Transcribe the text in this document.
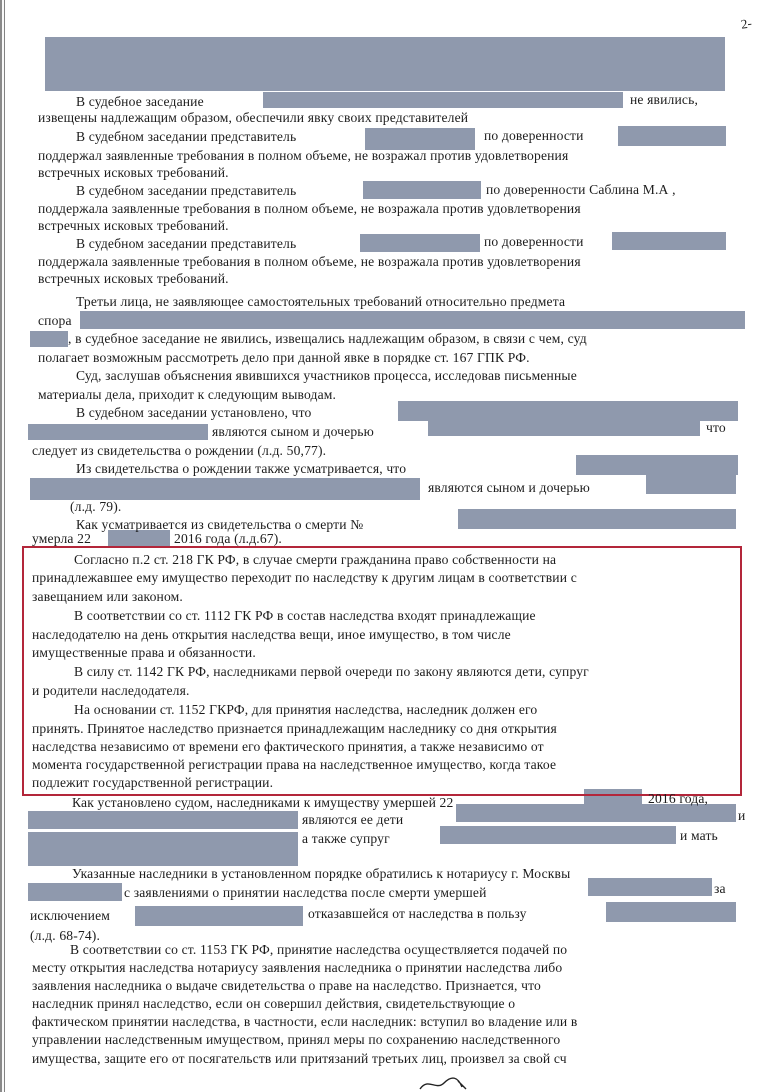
2-
В судебное заседание	не явились,
извещены надлежащим образом, обеспечили явку своих представителей
В судебном заседании представитель	по доверенности
поддержал заявленные требования в полном объеме, не возражал против удовлетворения
встречных исковых требований.
В судебном заседании представитель	по доверенности Саблина М.А ,
поддержала заявленные требования в полном объеме, не возражала против удовлетворения
встречных исковых требований.
В судебном заседании представитель	по доверенности
поддержала заявленные требования в полном объеме, не возражала против удовлетворения
встречных исковых требований.
Третьи лица, не заявляющее самостоятельных требований относительно предмета
спора
, в судебное заседание не явились, извещались надлежащим образом, в связи с чем, суд
полагает возможным рассмотреть дело при данной явке в порядке ст. 167 ГПК РФ.
Суд, заслушав объяснения явившихся участников процесса, исследовав письменные
материалы дела, приходит к следующим выводам.
В судебном заседании установлено, что
являются сыном и дочерью	что
следует из свидетельства о рождении (л.д. 50,77).
Из свидетельства о рождении также усматривается, что
являются сыном и дочерью
(л.д. 79).
Как усматривается из свидетельства о смерти №
умерла 22	2016 года (л.д.67).
Согласно п.2 ст. 218 ГК РФ, в случае смерти гражданина право собственности на
принадлежавшее ему имущество переходит по наследству к другим лицам в соответствии с
завещанием или законом.
В соответствии со ст. 1112 ГК РФ в состав наследства входят принадлежащие
наследодателю на день открытия наследства вещи, иное имущество, в том числе
имущественные права и обязанности.
В силу ст. 1142 ГК РФ, наследниками первой очереди по закону являются дети, супруг
и родители наследодателя.
На основании ст. 1152 ГКРФ, для принятия наследства, наследник должен его
принять. Принятое наследство признается принадлежащим наследнику со дня открытия
наследства независимо от времени его фактического принятия, а также независимо от
момента государственной регистрации права на наследственное имущество, когда такое
подлежит государственной регистрации.
Как установлено судом, наследниками к имуществу умершей 22	2016 года,
являются ее дети	и
а также супруг	и мать
Указанные наследники в установленном порядке обратились к нотариусу г. Москвы
с заявлениями о принятии наследства после смерти умершей	за
исключением	отказавшейся от наследства в пользу
(л.д. 68-74).
В соответствии со ст. 1153 ГК РФ, принятие наследства осуществляется подачей по
месту открытия наследства нотариусу заявления наследника о принятии наследства либо
заявления наследника о выдаче свидетельства о праве на наследство. Признается, что
наследник принял наследство, если он совершил действия, свидетельствующие о
фактическом принятии наследства, в частности, если наследник: вступил во владение или в
управлении наследственным имуществом, принял меры по сохранению наследственного
имущества, защите его от посягательств или притязаний третьих лиц, произвел за свой сч
